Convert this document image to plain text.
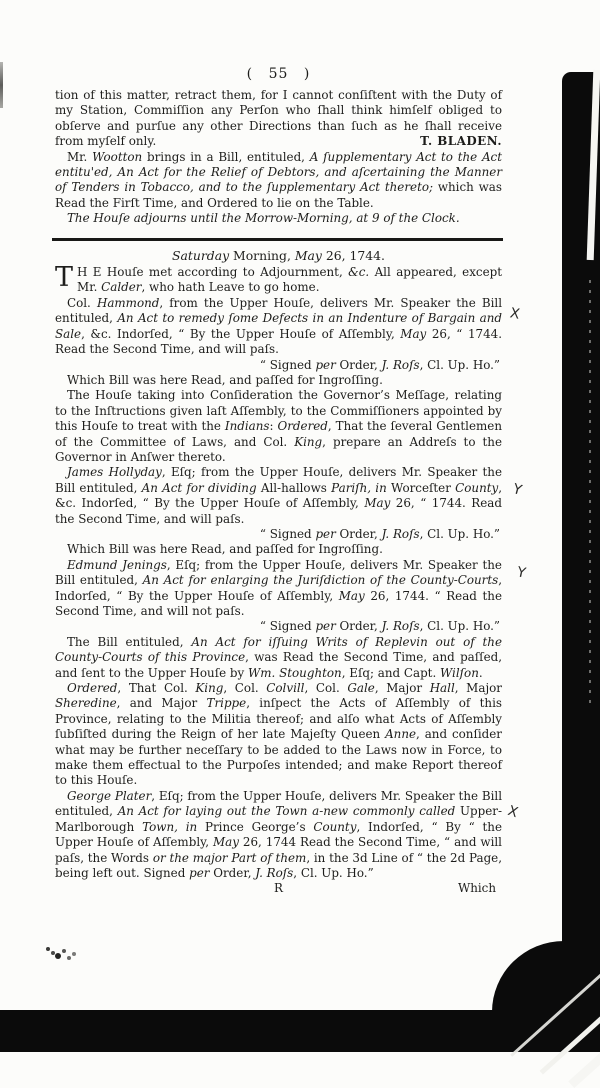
( 55 )

tion of this matter, retract them, for I cannot conſiſtent with the Duty of my Station, Commiſſion any Perſon who ſhall think himſelf obliged to obſerve and purſue any other Directions than ſuch as he ſhall receive from myſelf only.	T. BLADEN.

Mr. Wootton brings in a Bill, entituled, A ſupplementary Act to the Act entitu'ed, An Act for the Relief of Debtors, and aſcertaining the Manner of Tenders in Tobacco, and to the ſupplementary Act thereto; which was Read the Firſt Time, and Ordered to lie on the Table.

The Houſe adjourns until the Morrow-Morning, at 9 of the Clock.

Saturday Morning, May 26, 1744.

T H E Houſe met according to Adjournment, &c. All appeared, except Mr. Calder, who hath Leave to go home.

Col. Hammond, from the Upper Houſe, delivers Mr. Speaker the Bill entituled, An Act to remedy ſome Defects in an Indenture of Bargain and Sale, &c. Indorſed, “ By the Upper Houſe of Aſſembly, May 26, “ 1744. Read the Second Time, and will paſs.

“ Signed per Order, J. Roſs, Cl. Up. Ho.”

Which Bill was here Read, and paſſed for Ingroſſing.

The Houſe taking into Conſideration the Governor’s Meſſage, relating to the Inſtructions given laſt Aſſembly, to the Commiſſioners appointed by this Houſe to treat with the Indians: Ordered, That the ſeveral Gentlemen of the Committee of Laws, and Col. King, prepare an Addreſs to the Governor in Anſwer thereto.

James Hollyday, Eſq; from the Upper Houſe, delivers Mr. Speaker the Bill entituled, An Act for dividing All-hallows Pariſh, in Worceſter County, &c. Indorſed, “ By the Upper Houſe of Aſſembly, May 26, “ 1744. Read the Second Time, and will paſs.

“ Signed per Order, J. Roſs, Cl. Up. Ho.”

Which Bill was here Read, and paſſed for Ingroſſing.

Edmund Jenings, Eſq; from the Upper Houſe, delivers Mr. Speaker the Bill entituled, An Act for enlarging the Juriſdiction of the County-Courts, Indorſed, “ By the Upper Houſe of Aſſembly, May 26, 1744. “ Read the Second Time, and will not paſs.

“ Signed per Order, J. Roſs, Cl. Up. Ho.”

The Bill entituled, An Act for iſſuing Writs of Replevin out of the County-Courts of this Province, was Read the Second Time, and paſſed, and ſent to the Upper Houſe by Wm. Stoughton, Eſq; and Capt. Wilſon.

Ordered, That Col. King, Col. Colvill, Col. Gale, Major Hall, Major Sheredine, and Major Trippe, inſpect the Acts of Aſſembly of this Province, relating to the Militia thereof; and alſo what Acts of Aſſembly ſubſiſted during the Reign of her late Majeſty Queen Anne, and conſider what may be further neceſſary to be added to the Laws now in Force, to make them effectual to the Purpoſes intended; and make Report thereof to this Houſe.

George Plater, Eſq; from the Upper Houſe, delivers Mr. Speaker the Bill entituled, An Act for laying out the Town a-new commonly called Upper-Marlborough Town, in Prince George’s County, Indorſed, “ By “ the Upper Houſe of Aſſembly, May 26, 1744 Read the Second Time, “ and will paſs, the Words or the major Part of them, in the 3d Line of “ the 2d Page, being left out. Signed per Order, J. Roſs, Cl. Up. Ho.”

R	Which
X
Y
Y
X
